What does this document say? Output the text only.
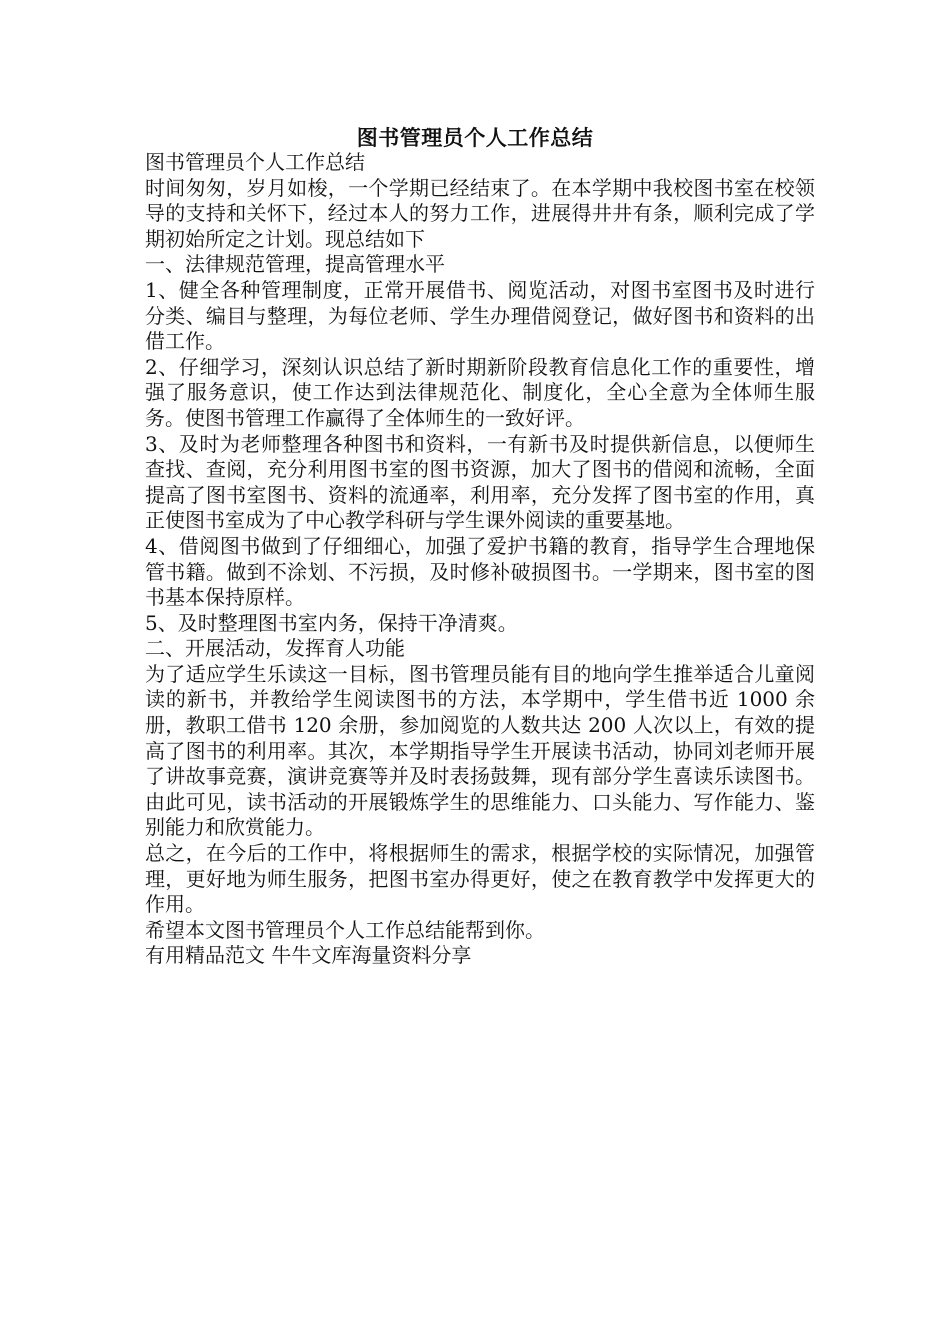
图书管理员个人工作总结

图书管理员个人工作总结

时间匆匆，岁月如梭，一个学期已经结束了。在本学期中我校图书室在校领导的支持和关怀下，经过本人的努力工作，进展得井井有条，顺利完成了学期初始所定之计划。现总结如下

一、法律规范管理，提高管理水平

1、健全各种管理制度，正常开展借书、阅览活动，对图书室图书及时进行分类、编目与整理，为每位老师、学生办理借阅登记，做好图书和资料的出借工作。

2、仔细学习，深刻认识总结了新时期新阶段教育信息化工作的重要性，增强了服务意识，使工作达到法律规范化、制度化，全心全意为全体师生服务。使图书管理工作赢得了全体师生的一致好评。

3、及时为老师整理各种图书和资料，一有新书及时提供新信息，以便师生查找、查阅，充分利用图书室的图书资源，加大了图书的借阅和流畅，全面提高了图书室图书、资料的流通率，利用率，充分发挥了图书室的作用，真正使图书室成为了中心教学科研与学生课外阅读的重要基地。

4、借阅图书做到了仔细细心，加强了爱护书籍的教育，指导学生合理地保管书籍。做到不涂划、不污损，及时修补破损图书。一学期来，图书室的图书基本保持原样。

5、及时整理图书室内务，保持干净清爽。

二、开展活动，发挥育人功能

为了适应学生乐读这一目标，图书管理员能有目的地向学生推举适合儿童阅读的新书，并教给学生阅读图书的方法，本学期中，学生借书近 1000 余册，教职工借书 120 余册，参加阅览的人数共达 200 人次以上，有效的提高了图书的利用率。其次，本学期指导学生开展读书活动，协同刘老师开展了讲故事竞赛，演讲竞赛等并及时表扬鼓舞，现有部分学生喜读乐读图书。由此可见，读书活动的开展锻炼学生的思维能力、口头能力、写作能力、鉴别能力和欣赏能力。

总之，在今后的工作中，将根据师生的需求，根据学校的实际情况，加强管理，更好地为师生服务，把图书室办得更好，使之在教育教学中发挥更大的作用。

希望本文图书管理员个人工作总结能帮到你。

有用精品范文 牛牛文库海量资料分享
